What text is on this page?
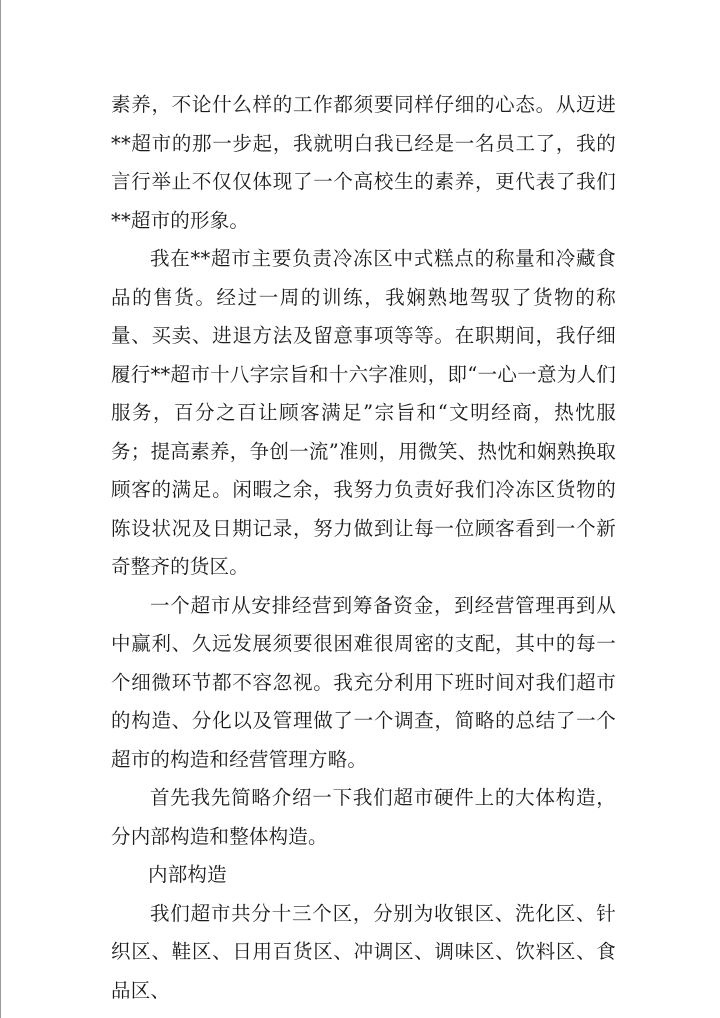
素养，不论什么样的工作都须要同样仔细的心态。从迈进**超市的那一步起，我就明白我已经是一名员工了，我的言行举止不仅仅体现了一个高校生的素养，更代表了我们**超市的形象。

我在**超市主要负责冷冻区中式糕点的称量和冷藏食品的售货。经过一周的训练，我娴熟地驾驭了货物的称量、买卖、进退方法及留意事项等等。在职期间，我仔细履行**超市十八字宗旨和十六字准则，即“一心一意为人们服务，百分之百让顾客满足”宗旨和“文明经商，热忱服务；提高素养，争创一流”准则，用微笑、热忱和娴熟换取顾客的满足。闲暇之余，我努力负责好我们冷冻区货物的陈设状况及日期记录，努力做到让每一位顾客看到一个新奇整齐的货区。

一个超市从安排经营到筹备资金，到经营管理再到从中赢利、久远发展须要很困难很周密的支配，其中的每一个细微环节都不容忽视。我充分利用下班时间对我们超市的构造、分化以及管理做了一个调查，简略的总结了一个超市的构造和经营管理方略。

首先我先简略介绍一下我们超市硬件上的大体构造，分内部构造和整体构造。

内部构造

我们超市共分十三个区，分别为收银区、洗化区、针织区、鞋区、日用百货区、冲调区、调味区、饮料区、食品区、
